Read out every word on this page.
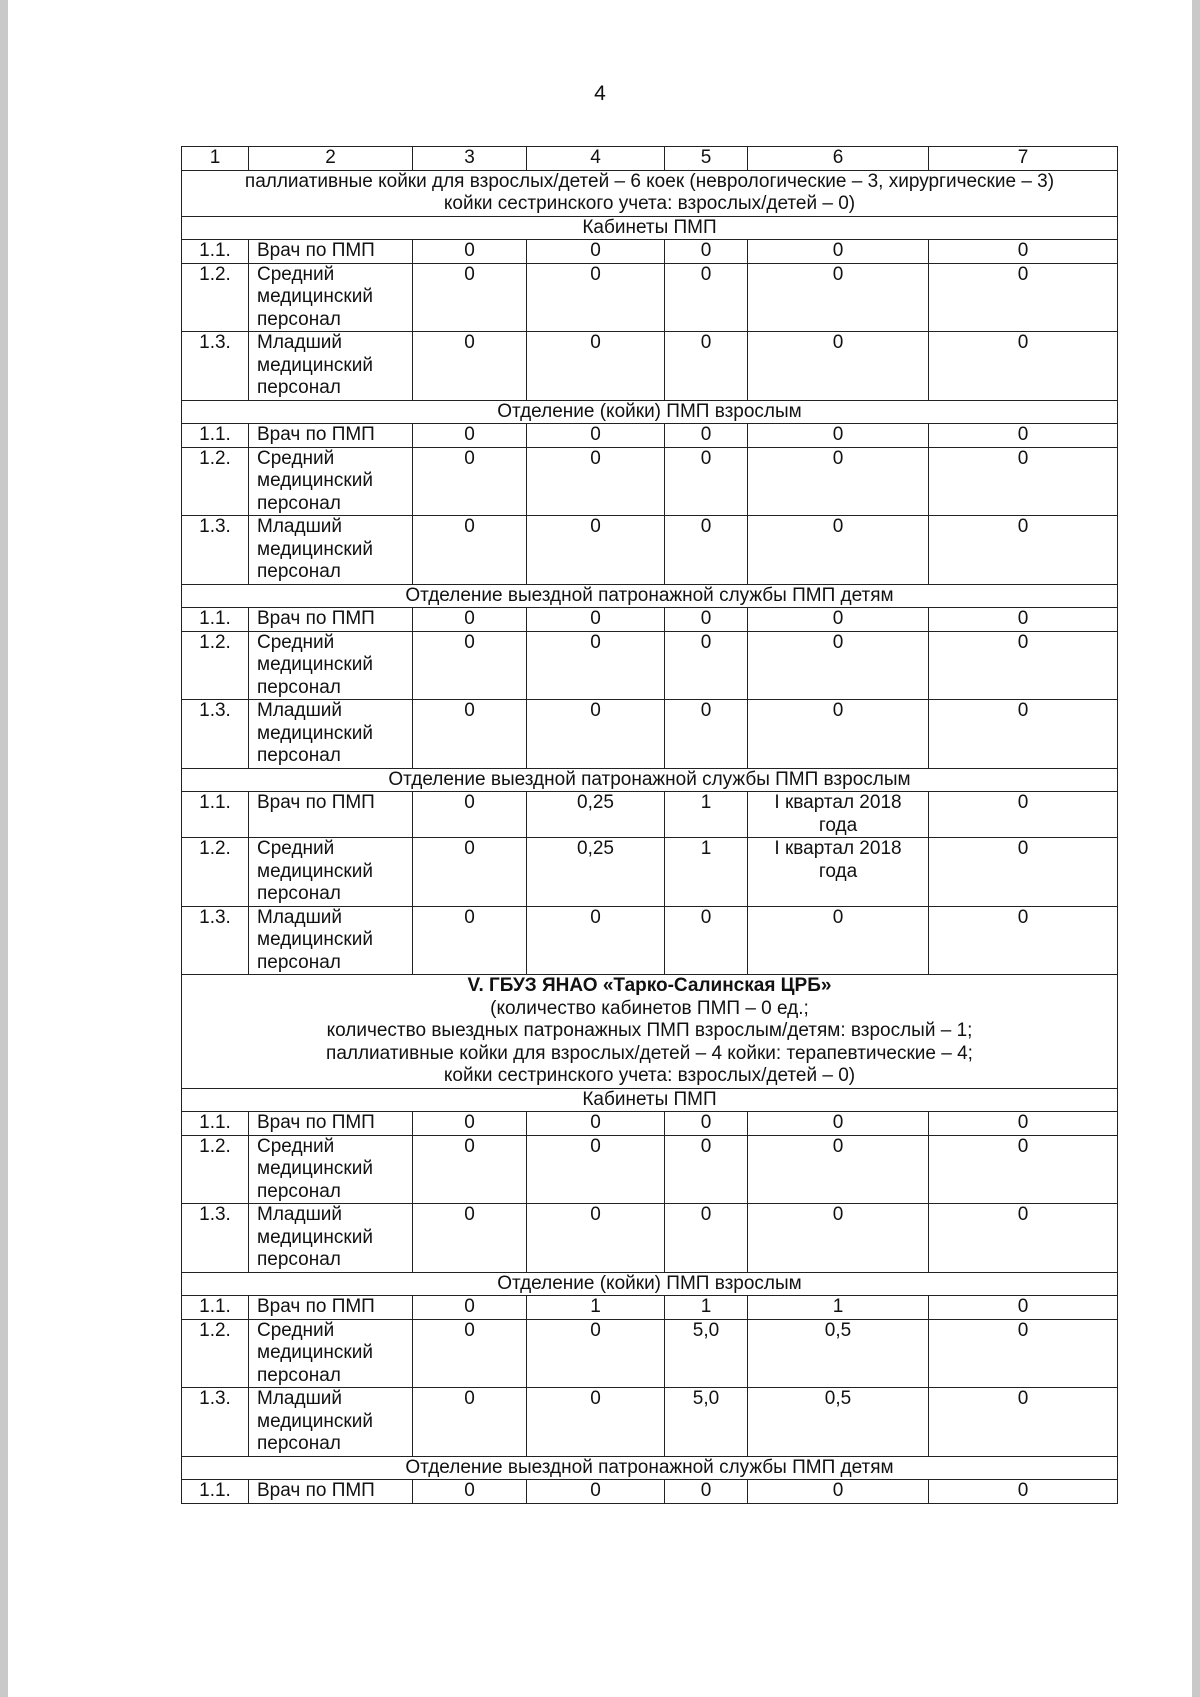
4
1	2	3	4	5	6	7

паллиативные койки для взрослых/детей – 6 коек (неврологические – 3, хирургические – 3)
койки сестринского учета: взрослых/детей – 0)						

Кабинеты ПМП						
1.1.	Врач по ПМП	0	0	0	0	0
1.2.	Средний медицинский персонал	0	0	0	0	0
1.3.	Младший медицинский персонал	0	0	0	0	0
Отделение (койки) ПМП взрослым						
1.1.	Врач по ПМП	0	0	0	0	0
1.2.	Средний медицинский персонал	0	0	0	0	0
1.3.	Младший медицинский персонал	0	0	0	0	0
Отделение выездной патронажной службы ПМП детям						
1.1.	Врач по ПМП	0	0	0	0	0
1.2.	Средний медицинский персонал	0	0	0	0	0
1.3.	Младший медицинский персонал	0	0	0	0	0
Отделение выездной патронажной службы ПМП взрослым						
1.1.	Врач по ПМП	0	0,25	1	I квартал 2018 года	0
1.2.	Средний медицинский персонал	0	0,25	1	I квартал 2018 года	0
1.3.	Младший медицинский персонал	0	0	0	0	0

V. ГБУЗ ЯНАО «Тарко-Салинская ЦРБ»
(количество кабинетов ПМП – 0 ед.;
количество выездных патронажных ПМП взрослым/детям: взрослый – 1;
паллиативные койки для взрослых/детей – 4 койки: терапевтические – 4;
койки сестринского учета: взрослых/детей – 0)						

Кабинеты ПМП						
1.1.	Врач по ПМП	0	0	0	0	0
1.2.	Средний медицинский персонал	0	0	0	0	0
1.3.	Младший медицинский персонал	0	0	0	0	0
Отделение (койки) ПМП взрослым						
1.1.	Врач по ПМП	0	1	1	1	0
1.2.	Средний медицинский персонал	0	0	5,0	0,5	0
1.3.	Младший медицинский персонал	0	0	5,0	0,5	0
Отделение выездной патронажной службы ПМП детям						
1.1.	Врач по ПМП	0	0	0	0	0
